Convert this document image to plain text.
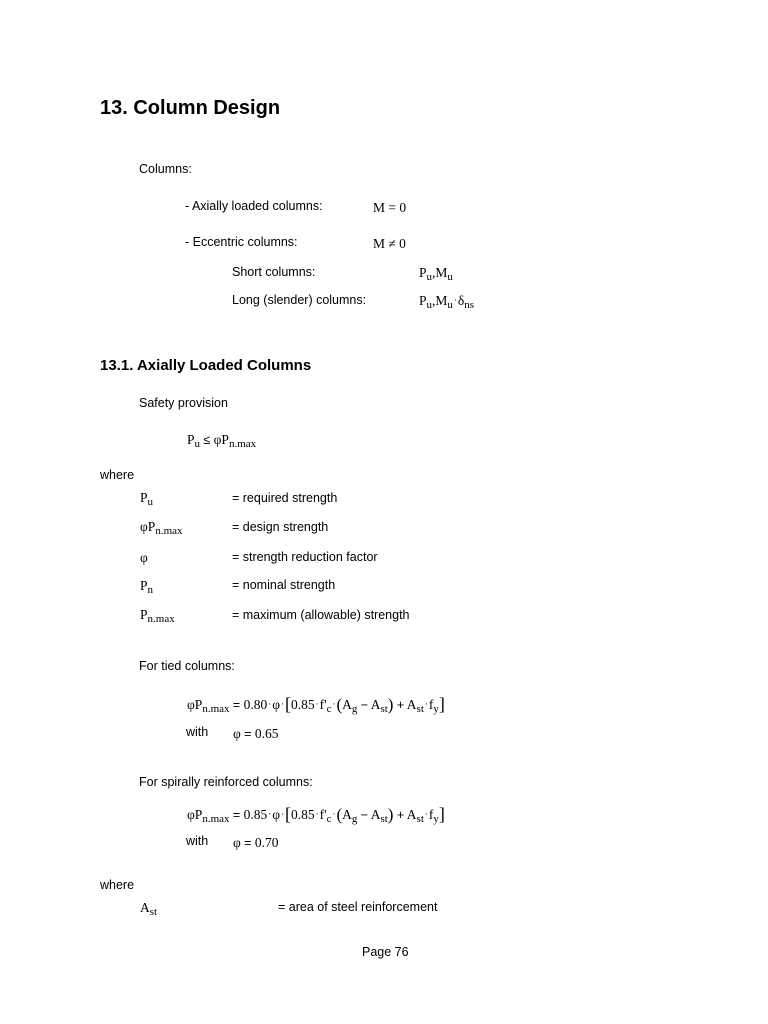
13. Column Design
Columns:
- Axially loaded columns:	M = 0
- Eccentric columns:	M ≠ 0
Short columns:	$P_u,M_u$
Long (slender) columns:	$P_u,M_u\cdot\delta_{ns}$
13.1. Axially Loaded Columns
Safety provision
$P_u \le \varphi P_{n.max}$
where
$P_u$	= required strength
$\varphi P_{n.max}$	= design strength
φ	= strength reduction factor
$P_n$	= nominal strength
$P_{n.max}$	= maximum (allowable) strength
For tied columns:
$\varphi P_{n.max} = 0.80\cdot\varphi\cdot[0.85\cdot f'_c\cdot(A_g - A_{st}) + A_{st}\cdot f_y]$
with φ = 0.65
For spirally reinforced columns:
$\varphi P_{n.max} = 0.85\cdot\varphi\cdot[0.85\cdot f'_c\cdot(A_g - A_{st}) + A_{st}\cdot f_y]$
with φ = 0.70
where
$A_{st}$	= area of steel reinforcement
Page 76
